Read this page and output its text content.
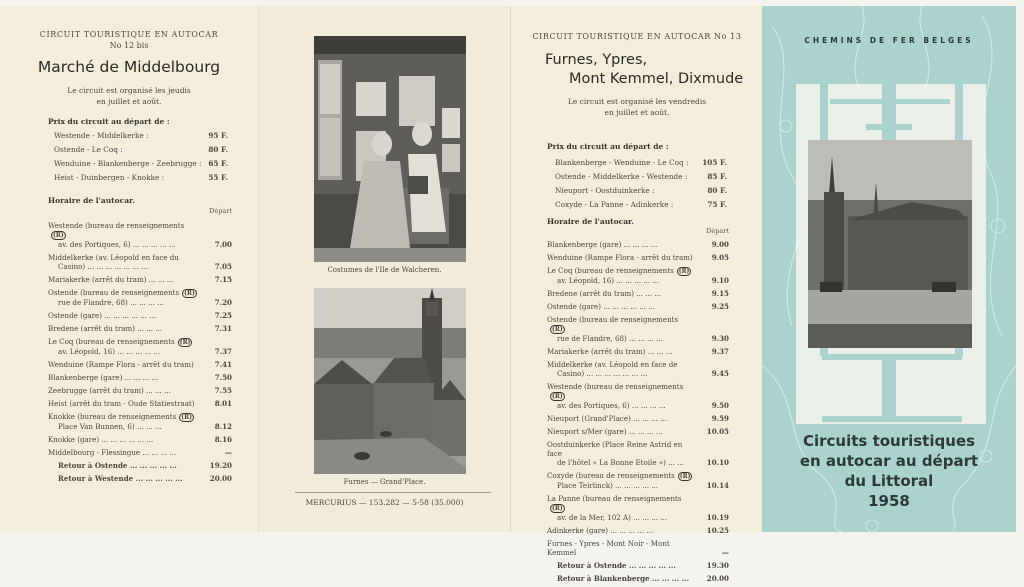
CIRCUIT TOURISTIQUE EN AUTOCAR
No 12 bis
Marché de Middelbourg
Le circuit est organisé les jeudis
en juillet et août.
Prix du circuit au départ de :
Westende - Middelkerke :	95 F.
Ostende - Le Coq :	80 F.
Wenduine - Blankenberge - Zeebrugge : 65 F.
Heist - Duinbergen - Knokke :	55 F.
Horaire de l'autocar.
Départ
Westende (bureau de renseignements(R)
av. des Portiques, 6) ... ... ... ... ...	7.00
Middelkerke (av. Léopold en face du
Casino) ... ... ... ... ... ... ...	7.05
Mariakerke (arrêt du tram) ... ... ...	7.15
Ostende (bureau de renseignements (R)
rue de Flandre, 68) ... ... ... ...	7.20
Ostende (gare) ... ... ... ... ... ...	7.25
Bredene (arrêt du tram) ... ... ...	7.31
Le Coq (bureau de renseignements (R)
av. Léopold, 16) ... ... ... ... ...	7.37
Wenduine (Rampe Flora - arrêt du tram)	7.41
Blankenberge (gare) ... ... ... ...	7.50
Zeebrugge (arrêt du tram) ... ... ...	7.55
Heist (arrêt du tram - Oude Statiestraat)	8.01
Knokke (bureau de renseignements (R)
Place Van Bunnen, 6) ... ... ...	8.12
Knokke (gare) ... ... ... ... ... ...	8.16
Middelbourg - Flessingue ... ... ... ...	—
Retour à Ostende ... ... ... ... ...	19.20
Retour à Westende ... ... ... ... ...	20.00
Costumes de l'Ile de Walcheren.
Furnes — Grand'Place.
MERCURIUS — 153.282 — 5-58 (35.000)
CIRCUIT TOURISTIQUE EN AUTOCAR No 13
Furnes, Ypres,
Mont Kemmel, Dixmude
Le circuit est organisé les vendredis
en juillet et août.
Prix du circuit au départ de :
Blankenberge - Wenduine - Le Coq : 105 F.
Ostende - Middelkerke - Westende :	85 F.
Nieuport - Oostduinkerke :	80 F.
Coxyde - La Panne - Adinkerke :	75 F.
Horaire de l'autocar.
Départ
Blankenberge (gare) ... ... ... ...	9.00
Wenduine (Rampe Flora - arrêt du tram)	9.05
Le Coq (bureau de renseignements (R)
av. Léopold, 16) ... ... ... ... ...	9.10
Bredene (arrêt du tram) ... ... ...	9.15
Ostende (gare) ... ... ... ... ... ...	9.25
Ostende (bureau de renseignements(R)
rue de Flandre, 68) ... ... ... ...	9.30
Mariakerke (arrêt du tram) ... ... ...	9.37
Middelkerke (av. Léopold en face de
Casino) ... ... ... ... ... ... ...	9.45
Westende (bureau de renseignements(R)
av. des Portiques, 6) ... ... ... ...	9.50
Nieuport (Grand'Place) ... ... ... ...	9.59
Nieuport s/Mer (gare) ... ... ... ...	10.05
Oostduinkerke (Place Reine Astrid en face
de l'hôtel « La Bonne Etoile ») ... ...	10.10
Coxyde (bureau de renseignements (R)
Place Teirlinck) ... ... ... ... ...	10.14
La Panne (bureau de renseignements(R)
av. de la Mer, 102 A) ... ... ... ...	10.19
Adinkerke (gare) ... ... ... ... ...	10.25
Furnes - Ypres - Mont Noir - Mont Kemmel	—
Retour à Ostende ... ... ... ... ...	19.30
Retour à Blankenberge ... ... ... ...	20.00
CHEMINS DE FER BELGES
Circuits touristiques
en autocar au départ
du Littoral
1958
